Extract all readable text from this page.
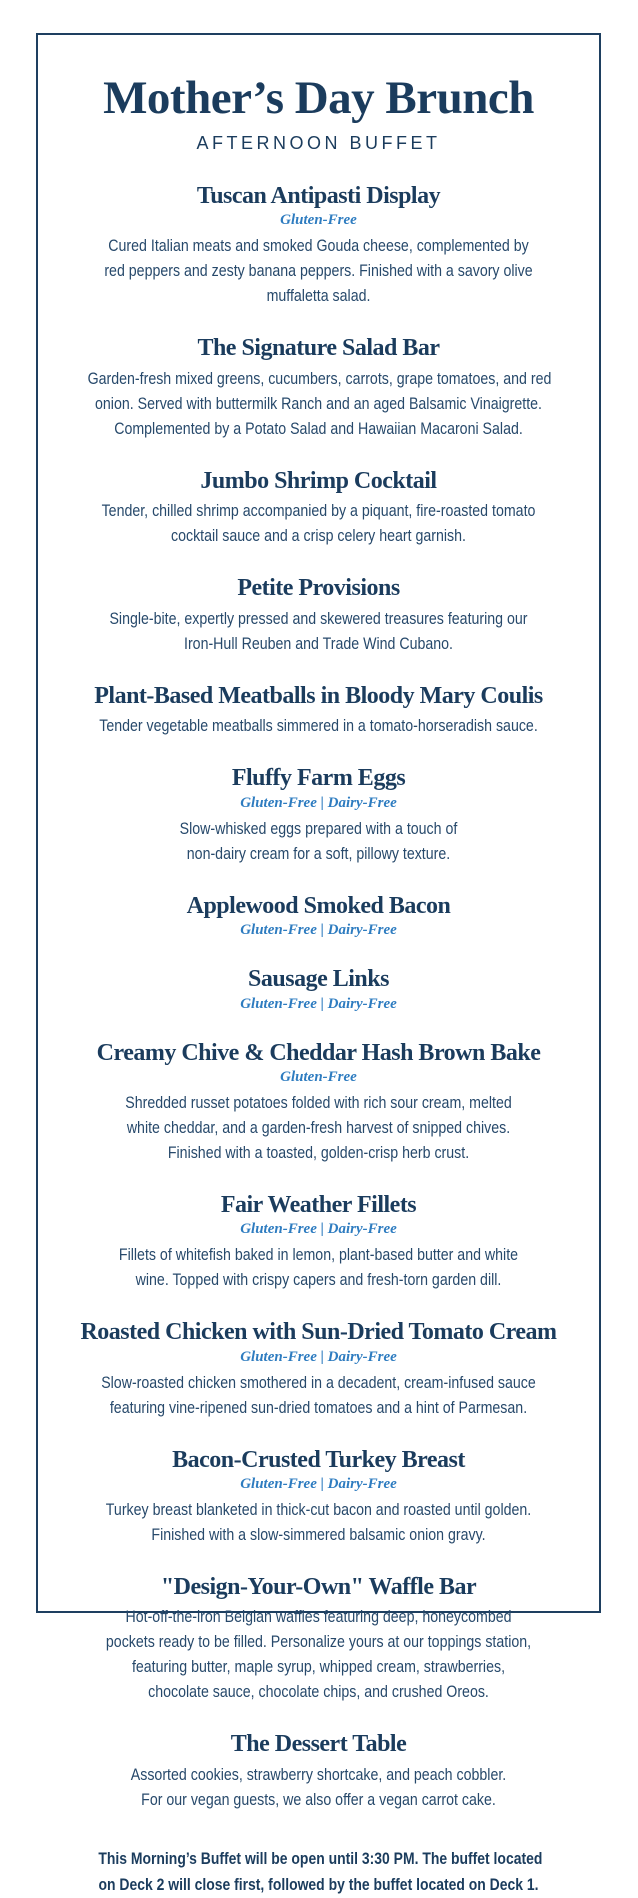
Mother’s Day Brunch
AFTERNOON BUFFET
Tuscan Antipasti Display
Gluten-Free
Cured Italian meats and smoked Gouda cheese, complemented by
red peppers and zesty banana peppers. Finished with a savory olive
muffaletta salad.
The Signature Salad Bar
Garden-fresh mixed greens, cucumbers, carrots, grape tomatoes, and red
onion. Served with buttermilk Ranch and an aged Balsamic Vinaigrette.
Complemented by a Potato Salad and Hawaiian Macaroni Salad.
Jumbo Shrimp Cocktail
Tender, chilled shrimp accompanied by a piquant, fire-roasted tomato
cocktail sauce and a crisp celery heart garnish.
Petite Provisions
Single-bite, expertly pressed and skewered treasures featuring our
Iron-Hull Reuben and Trade Wind Cubano.
Plant-Based Meatballs in Bloody Mary Coulis
Tender vegetable meatballs simmered in a tomato-horseradish sauce.
Fluffy Farm Eggs
Gluten-Free | Dairy-Free
Slow-whisked eggs prepared with a touch of
non-dairy cream for a soft, pillowy texture.
Applewood Smoked Bacon
Gluten-Free | Dairy-Free
Sausage Links
Gluten-Free | Dairy-Free
Creamy Chive & Cheddar Hash Brown Bake
Gluten-Free
Shredded russet potatoes folded with rich sour cream, melted
white cheddar, and a garden-fresh harvest of snipped chives.
Finished with a toasted, golden-crisp herb crust.
Fair Weather Fillets
Gluten-Free | Dairy-Free
Fillets of whitefish baked in lemon, plant-based butter and white
wine. Topped with crispy capers and fresh-torn garden dill.
Roasted Chicken with Sun-Dried Tomato Cream
Gluten-Free | Dairy-Free
Slow-roasted chicken smothered in a decadent, cream-infused sauce
featuring vine-ripened sun-dried tomatoes and a hint of Parmesan.
Bacon-Crusted Turkey Breast
Gluten-Free | Dairy-Free
Turkey breast blanketed in thick-cut bacon and roasted until golden.
Finished with a slow-simmered balsamic onion gravy.
"Design-Your-Own" Waffle Bar
Hot-off-the-iron Belgian waffles featuring deep, honeycombed
pockets ready to be filled. Personalize yours at our toppings station,
featuring butter, maple syrup, whipped cream, strawberries,
chocolate sauce, chocolate chips, and crushed Oreos.
The Dessert Table
Assorted cookies, strawberry shortcake, and peach cobbler.
For our vegan guests, we also offer a vegan carrot cake.
This Morning’s Buffet will be open until 3:30 PM. The buffet located
on Deck 2 will close first, followed by the buffet located on Deck 1.
